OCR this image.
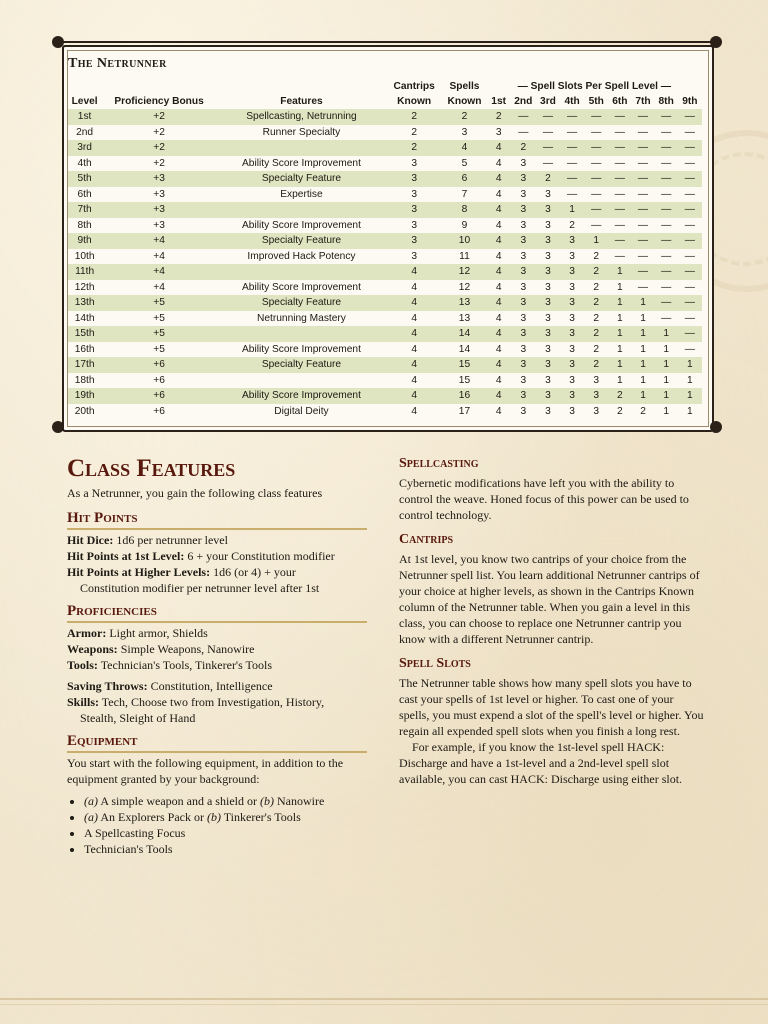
The Netrunner
			Cantrips	Spells	— Spell Slots Per Spell Level —								
Level	Proficiency Bonus	Features	Known	Known	1st	2nd	3rd	4th	5th	6th	7th	8th	9th
1st	+2	Spellcasting, Netrunning	2	2	2	—	—	—	—	—	—	—	—
2nd	+2	Runner Specialty	2	3	3	—	—	—	—	—	—	—	—
3rd	+2		2	4	4	2	—	—	—	—	—	—	—
4th	+2	Ability Score Improvement	3	5	4	3	—	—	—	—	—	—	—
5th	+3	Specialty Feature	3	6	4	3	2	—	—	—	—	—	—
6th	+3	Expertise	3	7	4	3	3	—	—	—	—	—	—
7th	+3		3	8	4	3	3	1	—	—	—	—	—
8th	+3	Ability Score Improvement	3	9	4	3	3	2	—	—	—	—	—
9th	+4	Specialty Feature	3	10	4	3	3	3	1	—	—	—	—
10th	+4	Improved Hack Potency	3	11	4	3	3	3	2	—	—	—	—
11th	+4		4	12	4	3	3	3	2	1	—	—	—
12th	+4	Ability Score Improvement	4	12	4	3	3	3	2	1	—	—	—
13th	+5	Specialty Feature	4	13	4	3	3	3	2	1	1	—	—
14th	+5	Netrunning Mastery	4	13	4	3	3	3	2	1	1	—	—
15th	+5		4	14	4	3	3	3	2	1	1	1	—
16th	+5	Ability Score Improvement	4	14	4	3	3	3	2	1	1	1	—
17th	+6	Specialty Feature	4	15	4	3	3	3	2	1	1	1	1
18th	+6		4	15	4	3	3	3	3	1	1	1	1
19th	+6	Ability Score Improvement	4	16	4	3	3	3	3	2	1	1	1
20th	+6	Digital Deity	4	17	4	3	3	3	3	2	2	1	1
Class Features

As a Netrunner, you gain the following class features

Hit Points
Hit Dice: 1d6 per netrunner level
Hit Points at 1st Level: 6 + your Constitution modifier
Hit Points at Higher Levels: 1d6 (or 4) + your
Constitution modifier per netrunner level after 1st
Proficiencies
Armor: Light armor, Shields
Weapons: Simple Weapons, Nanowire
Tools: Technician's Tools, Tinkerer's Tools
Saving Throws: Constitution, Intelligence
Skills: Tech, Choose two from Investigation, History,
Stealth, Sleight of Hand
Equipment

You start with the following equipment, in addition to the equipment granted by your background:

• (a) A simple weapon and a shield or (b) Nanowire
• (a) An Explorers Pack or (b) Tinkerer's Tools
• A Spellcasting Focus
• Technician's Tools
Spellcasting

Cybernetic modifications have left you with the ability to control the weave. Honed focus of this power can be used to control technology.

Cantrips

At 1st level, you know two cantrips of your choice from the Netrunner spell list. You learn additional Netrunner cantrips of your choice at higher levels, as shown in the Cantrips Known column of the Netrunner table. When you gain a level in this class, you can choose to replace one Netrunner cantrip you know with a different Netrunner cantrip.

Spell Slots

The Netrunner table shows how many spell slots you have to cast your spells of 1st level or higher. To cast one of your spells, you must expend a slot of the spell's level or higher. You regain all expended spell slots when you finish a long rest.

For example, if you know the 1st-level spell HACK: Discharge and have a 1st-level and a 2nd-level spell slot available, you can cast HACK: Discharge using either slot.
